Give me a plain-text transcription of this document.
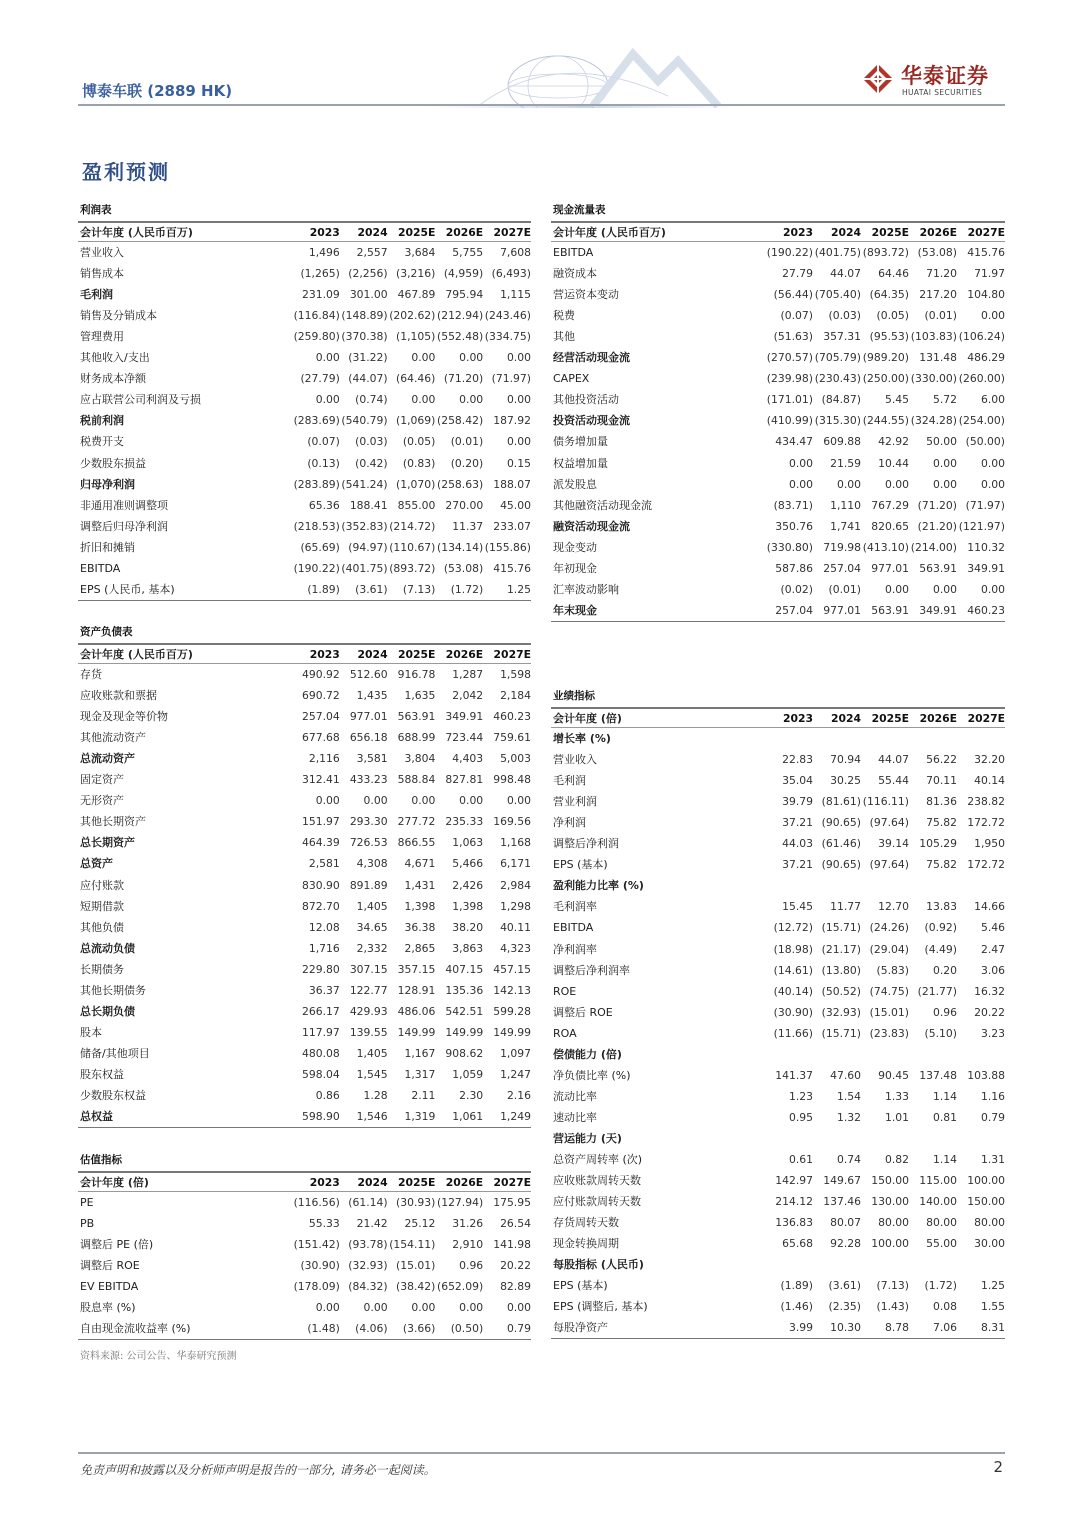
博泰车联 (2889 HK)
华泰证券
HUATAI SECURITIES
盈利预测
利润表
会计年度 (人民币百万)	2023	2024 2025E 2026E 2027E
营业收入	1,496	2,557	3,684	5,755	7,608
销售成本	(1,265) (2,256) (3,216) (4,959) (6,493)
毛利润	231.09 301.00 467.89 795.94	1,115
销售及分销成本	(116.84) (148.89) (202.62) (212.94) (243.46)
管理费用	(259.80) (370.38) (1,105) (552.48) (334.75)
其他收入/支出	0.00 (31.22)	0.00	0.00	0.00
财务成本净额	(27.79) (44.07) (64.46) (71.20) (71.97)
应占联营公司利润及亏损	0.00	(0.74)	0.00	0.00	0.00
税前利润	(283.69) (540.79) (1,069) (258.42) 187.92
税费开支	(0.07)	(0.03)	(0.05)	(0.01)	0.00
少数股东损益	(0.13)	(0.42)	(0.83)	(0.20)	0.15
归母净利润	(283.89) (541.24) (1,070) (258.63) 188.07
非通用准则调整项	65.36 188.41 855.00 270.00	45.00
调整后归母净利润	(218.53) (352.83) (214.72)	11.37 233.07
折旧和摊销	(65.69) (94.97) (110.67) (134.14) (155.86)
EBITDA	(190.22) (401.75) (893.72) (53.08) 415.76
EPS (人民币, 基本)	(1.89)	(3.61)	(7.13)	(1.72)	1.25
资产负债表
会计年度 (人民币百万)	2023	2024 2025E 2026E 2027E
存货	490.92 512.60 916.78	1,287	1,598
应收账款和票据	690.72	1,435	1,635	2,042	2,184
现金及现金等价物	257.04 977.01 563.91 349.91 460.23
其他流动资产	677.68 656.18 688.99 723.44 759.61
总流动资产	2,116	3,581	3,804	4,403	5,003
固定资产	312.41 433.23 588.84 827.81 998.48
无形资产	0.00	0.00	0.00	0.00	0.00
其他长期资产	151.97 293.30 277.72 235.33 169.56
总长期资产	464.39 726.53 866.55	1,063	1,168
总资产	2,581	4,308	4,671	5,466	6,171
应付账款	830.90 891.89	1,431	2,426	2,984
短期借款	872.70	1,405	1,398	1,398	1,298
其他负债	12.08	34.65	36.38	38.20	40.11
总流动负债	1,716	2,332	2,865	3,863	4,323
长期债务	229.80 307.15 357.15 407.15 457.15
其他长期债务	36.37 122.77 128.91 135.36 142.13
总长期负债	266.17 429.93 486.06 542.51 599.28
股本	117.97 139.55 149.99 149.99 149.99
储备/其他项目	480.08	1,405	1,167 908.62	1,097
股东权益	598.04	1,545	1,317	1,059	1,247
少数股东权益	0.86	1.28	2.11	2.30	2.16
总权益	598.90	1,546	1,319	1,061	1,249
估值指标
会计年度 (倍)	2023	2024 2025E 2026E 2027E
PE	(116.56) (61.14) (30.93) (127.94) 175.95
PB	55.33	21.42	25.12	31.26	26.54
调整后 PE (倍)	(151.42) (93.78) (154.11)	2,910 141.98
调整后 ROE	(30.90) (32.93) (15.01)	0.96	20.22
EV EBITDA	(178.09) (84.32) (38.42) (652.09)	82.89
股息率 (%)	0.00	0.00	0.00	0.00	0.00
自由现金流收益率 (%)	(1.48)	(4.06)	(3.66)	(0.50)	0.79
现金流量表
会计年度 (人民币百万)	2023	2024 2025E 2026E 2027E
EBITDA	(190.22) (401.75) (893.72) (53.08) 415.76
融资成本	27.79	44.07	64.46	71.20	71.97
营运资本变动	(56.44) (705.40) (64.35) 217.20 104.80
税费	(0.07)	(0.03)	(0.05)	(0.01)	0.00
其他	(51.63) 357.31 (95.53) (103.83) (106.24)
经营活动现金流	(270.57) (705.79) (989.20) 131.48 486.29
CAPEX	(239.98) (230.43) (250.00) (330.00) (260.00)
其他投资活动	(171.01) (84.87)	5.45	5.72	6.00
投资活动现金流	(410.99) (315.30) (244.55) (324.28) (254.00)
债务增加量	434.47 609.88	42.92	50.00 (50.00)
权益增加量	0.00	21.59	10.44	0.00	0.00
派发股息	0.00	0.00	0.00	0.00	0.00
其他融资活动现金流	(83.71)	1,110 767.29 (71.20) (71.97)
融资活动现金流	350.76	1,741 820.65 (21.20) (121.97)
现金变动	(330.80) 719.98 (413.10) (214.00) 110.32
年初现金	587.86 257.04 977.01 563.91 349.91
汇率波动影响	(0.02)	(0.01)	0.00	0.00	0.00
年末现金	257.04 977.01 563.91 349.91 460.23
业绩指标
会计年度 (倍)	2023	2024 2025E 2026E 2027E
增长率 (%)
营业收入	22.83	70.94	44.07	56.22	32.20
毛利润	35.04	30.25	55.44	70.11	40.14
营业利润	39.79 (81.61) (116.11)	81.36 238.82
净利润	37.21 (90.65) (97.64)	75.82 172.72
调整后净利润	44.03 (61.46)	39.14 105.29	1,950
EPS (基本)	37.21 (90.65) (97.64)	75.82 172.72
盈利能力比率 (%)
毛利润率	15.45	11.77	12.70	13.83	14.66
EBITDA	(12.72) (15.71) (24.26)	(0.92)	5.46
净利润率	(18.98) (21.17) (29.04)	(4.49)	2.47
调整后净利润率	(14.61) (13.80)	(5.83)	0.20	3.06
ROE	(40.14) (50.52) (74.75) (21.77)	16.32
调整后 ROE	(30.90) (32.93) (15.01)	0.96	20.22
ROA	(11.66) (15.71) (23.83)	(5.10)	3.23
偿债能力 (倍)
净负债比率 (%)	141.37	47.60	90.45 137.48 103.88
流动比率	1.23	1.54	1.33	1.14	1.16
速动比率	0.95	1.32	1.01	0.81	0.79
营运能力 (天)
总资产周转率 (次)	0.61	0.74	0.82	1.14	1.31
应收账款周转天数	142.97 149.67 150.00 115.00 100.00
应付账款周转天数	214.12 137.46 130.00 140.00 150.00
存货周转天数	136.83	80.07	80.00	80.00	80.00
现金转换周期	65.68	92.28 100.00	55.00	30.00
每股指标 (人民币)
EPS (基本)	(1.89)	(3.61)	(7.13)	(1.72)	1.25
EPS (调整后, 基本)	(1.46)	(2.35)	(1.43)	0.08	1.55
每股净资产	3.99	10.30	8.78	7.06	8.31
资料来源: 公司公告、华泰研究预测
免责声明和披露以及分析师声明是报告的一部分, 请务必一起阅读。	2
